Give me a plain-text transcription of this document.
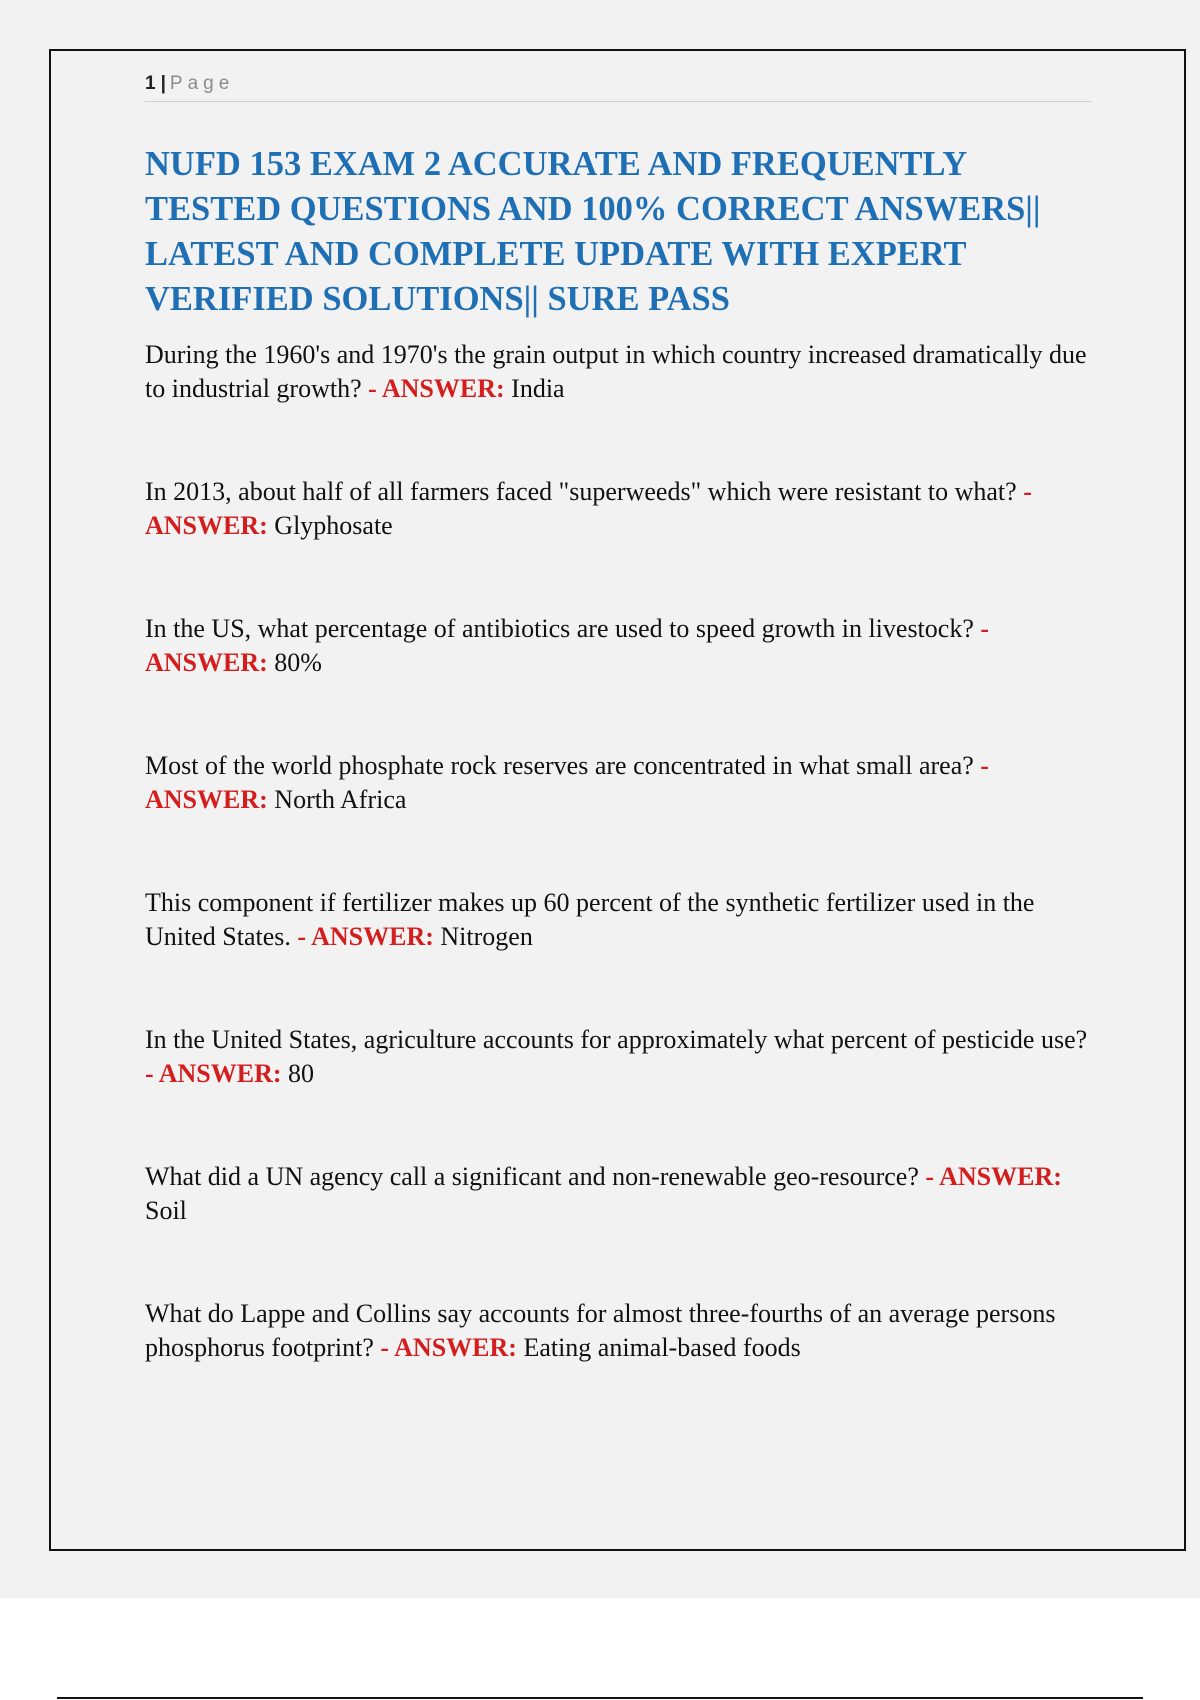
1 | Page
NUFD 153 EXAM 2 ACCURATE AND FREQUENTLY TESTED QUESTIONS AND 100% CORRECT ANSWERS|| LATEST AND COMPLETE UPDATE WITH EXPERT VERIFIED SOLUTIONS|| SURE PASS
During the 1960's and 1970's the grain output in which country increased dramatically due to industrial growth? - ANSWER: India
In 2013, about half of all farmers faced "superweeds" which were resistant to what? - ANSWER: Glyphosate
In the US, what percentage of antibiotics are used to speed growth in livestock? - ANSWER: 80%
Most of the world phosphate rock reserves are concentrated in what small area? - ANSWER: North Africa
This component if fertilizer makes up 60 percent of the synthetic fertilizer used in the United States. - ANSWER: Nitrogen
In the United States, agriculture accounts for approximately what percent of pesticide use? - ANSWER: 80
What did a UN agency call a significant and non-renewable geo-resource? - ANSWER: Soil
What do Lappe and Collins say accounts for almost three-fourths of an average persons phosphorus footprint? - ANSWER: Eating animal-based foods
